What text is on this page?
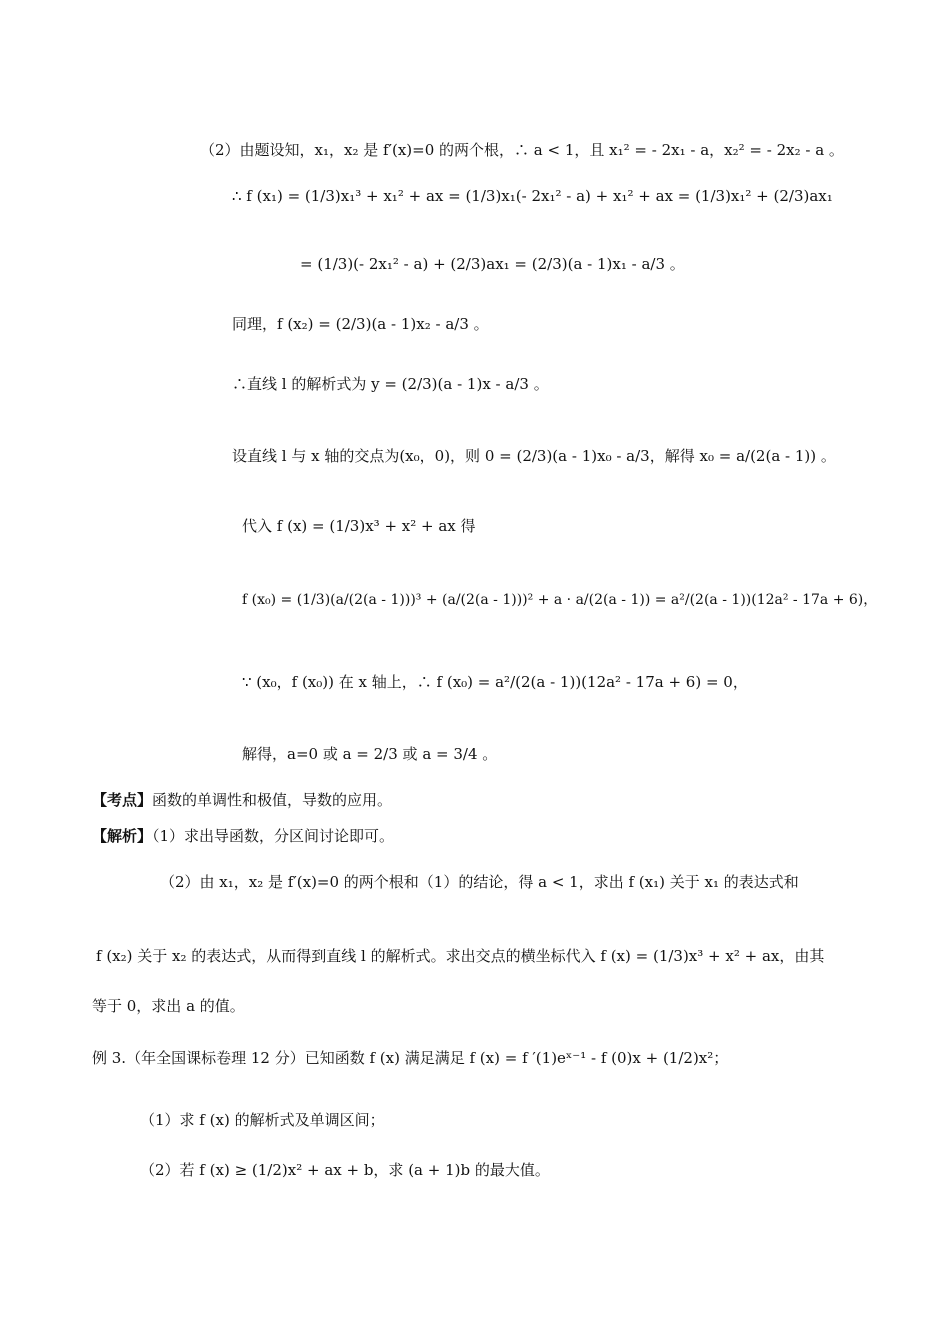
（2）由题设知，x₁，x₂ 是 f′(x)=0 的两个根，∴ a < 1，且 x₁² = - 2x₁ - a，x₂² = - 2x₂ - a 。
∴ f (x₁) = (1/3)x₁³ + x₁² + ax = (1/3)x₁(- 2x₁² - a) + x₁² + ax = (1/3)x₁² + (2/3)ax₁
= (1/3)(- 2x₁² - a) + (2/3)ax₁ = (2/3)(a - 1)x₁ - a/3 。
同理，f (x₂) = (2/3)(a - 1)x₂ - a/3 。
∴直线 l 的解析式为 y = (2/3)(a - 1)x - a/3 。
设直线 l 与 x 轴的交点为(x₀，0)，则 0 = (2/3)(a - 1)x₀ - a/3，解得 x₀ = a/(2(a - 1)) 。
代入 f (x) = (1/3)x³ + x² + ax 得
f (x₀) = (1/3)(a/(2(a - 1)))³ + (a/(2(a - 1)))² + a · a/(2(a - 1)) = a²/(2(a - 1))(12a² - 17a + 6)，
∵ (x₀，f (x₀)) 在 x 轴上，∴ f (x₀) = a²/(2(a - 1))(12a² - 17a + 6) = 0，
解得，a=0 或 a = 2/3 或 a = 3/4 。
【考点】函数的单调性和极值，导数的应用。
【解析】（1）求出导函数，分区间讨论即可。
（2）由 x₁，x₂ 是 f′(x)=0 的两个根和（1）的结论，得 a < 1，求出 f (x₁) 关于 x₁ 的表达式和
f (x₂) 关于 x₂ 的表达式，从而得到直线 l 的解析式。求出交点的横坐标代入 f (x) = (1/3)x³ + x² + ax，由其
等于 0，求出 a 的值。
例 3.（年全国课标卷理 12 分）已知函数 f (x) 满足满足 f (x) = f ′(1)eˣ⁻¹ - f (0)x + (1/2)x²；
（1）求 f (x) 的解析式及单调区间；
（2）若 f (x) ≥ (1/2)x² + ax + b，求 (a + 1)b 的最大值。
